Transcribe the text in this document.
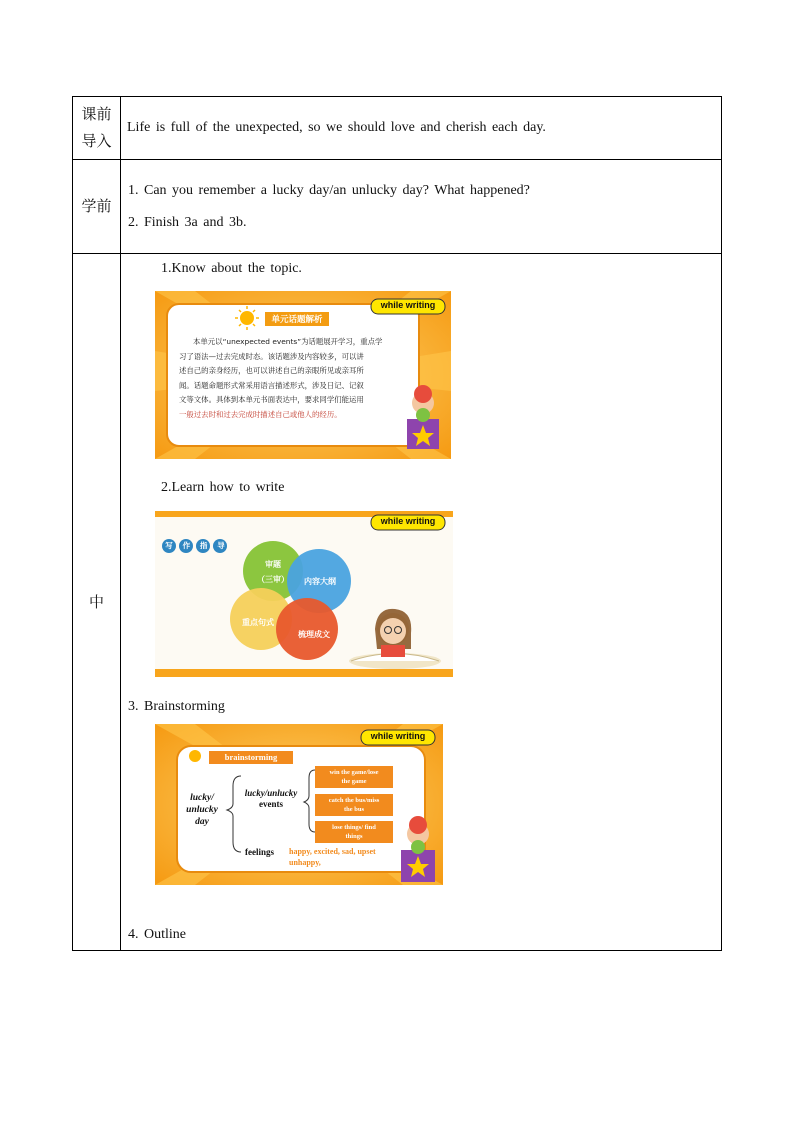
课前
导入
Life is full of the unexpected, so we should love and cherish each day.
学前
1. Can you remember a lucky day/an unlucky day? What happened?
2. Finish 3a and 3b.
中
1.Know about the topic.
while writing
单元话题解析
本单元以“unexpected events”为话题展开学习，重点学
习了语法—过去完成时态。该话题涉及内容较多，可以讲
述自己的亲身经历，也可以讲述自己的亲眼所见或亲耳所
闻。话题命题形式常采用语言描述形式，涉及日记、记叙
文等文体。具体到本单元书面表达中，要求同学们能运用
一般过去时和过去完成时描述自己或他人的经历。
2.Learn how to write
while writing
写	作	指	导
审题
（三审）	内容大纲
重点句式
梳理成文
3. Brainstorming
while writing
brainstorming
lucky/
unlucky
day
lucky/unlucky
events
feelings
win the game/lose
the game
catch the bus/miss
the bus
lose things/ find
things
happy, excited, sad, upset
unhappy,
4. Outline
